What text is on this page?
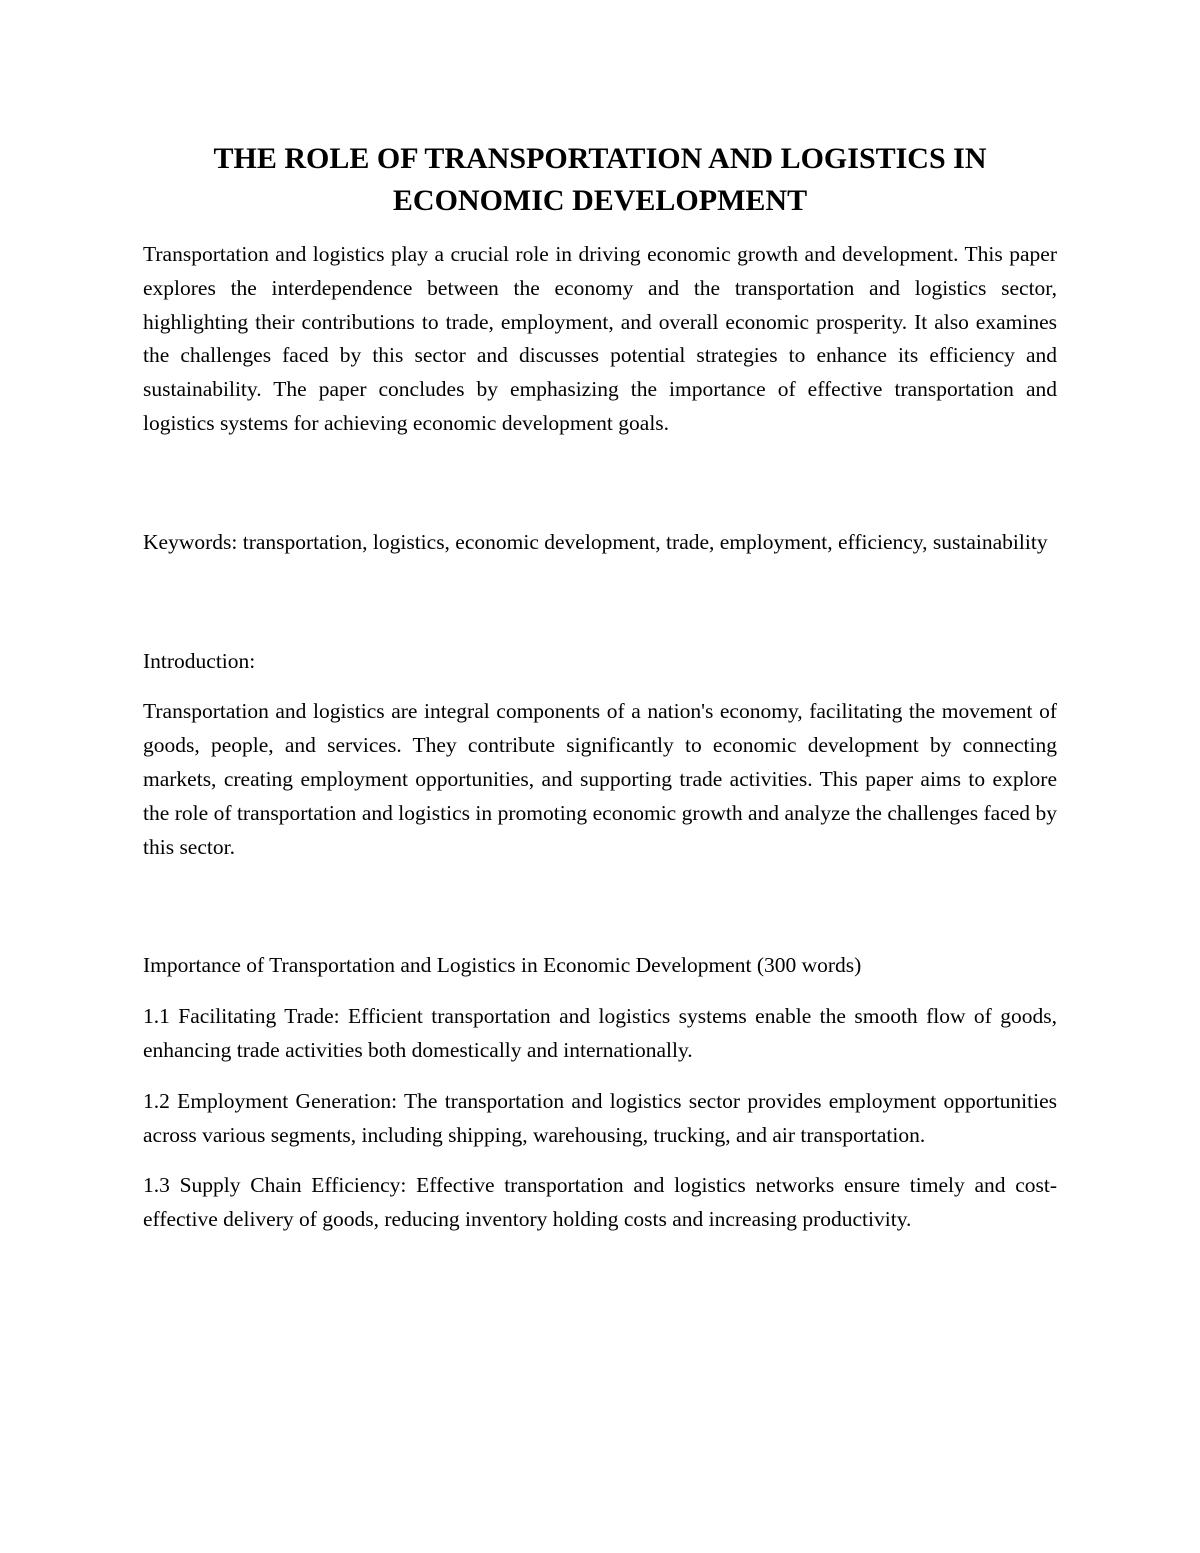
THE ROLE OF TRANSPORTATION AND LOGISTICS IN ECONOMIC DEVELOPMENT

Transportation and logistics play a crucial role in driving economic growth and development. This paper explores the interdependence between the economy and the transportation and logistics sector, highlighting their contributions to trade, employment, and overall economic prosperity. It also examines the challenges faced by this sector and discusses potential strategies to enhance its efficiency and sustainability. The paper concludes by emphasizing the importance of effective transportation and logistics systems for achieving economic development goals.

Keywords: transportation, logistics, economic development, trade, employment, efficiency, sustainability

Introduction:

Transportation and logistics are integral components of a nation's economy, facilitating the movement of goods, people, and services. They contribute significantly to economic development by connecting markets, creating employment opportunities, and supporting trade activities. This paper aims to explore the role of transportation and logistics in promoting economic growth and analyze the challenges faced by this sector.

Importance of Transportation and Logistics in Economic Development (300 words)

1.1 Facilitating Trade: Efficient transportation and logistics systems enable the smooth flow of goods, enhancing trade activities both domestically and internationally.

1.2 Employment Generation: The transportation and logistics sector provides employment opportunities across various segments, including shipping, warehousing, trucking, and air transportation.

1.3 Supply Chain Efficiency: Effective transportation and logistics networks ensure timely and cost-effective delivery of goods, reducing inventory holding costs and increasing productivity.
